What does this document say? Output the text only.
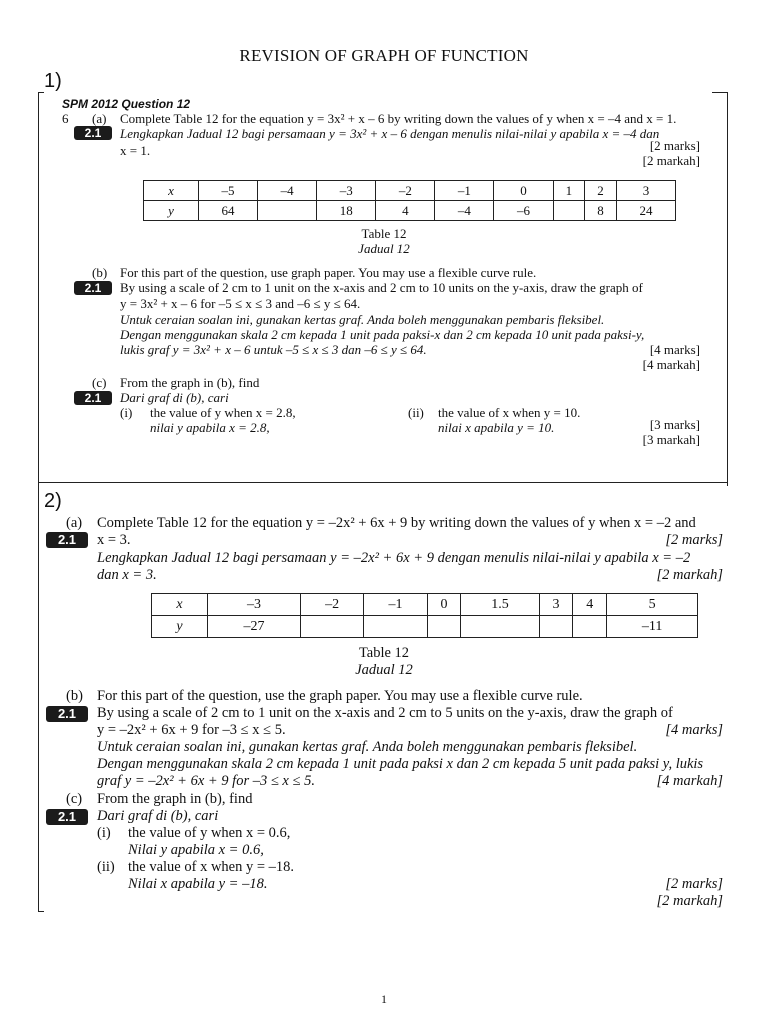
REVISION OF GRAPH OF FUNCTION
1)
SPM 2012 Question 12
6 (a) Complete Table 12 for the equation y = 3x² + x – 6 by writing down the values of y when x = –4 and x = 1.
2.1	Lengkapkan Jadual 12 bagi persamaan y = 3x² + x – 6 dengan menulis nilai-nilai y apabila x = –4 dan
x = 1.	[2 marks]
[2 markah]
x	–5	–4	–3	–2	–1	0	1	2	3
y	64		18	4	–4	–6		8	24
Table 12
Jadual 12
(b) For this part of the question, use graph paper. You may use a flexible curve rule.
2.1	By using a scale of 2 cm to 1 unit on the x-axis and 2 cm to 10 units on the y-axis, draw the graph of
y = 3x² + x – 6 for –5 ≤ x ≤ 3 and –6 ≤ y ≤ 64.
Untuk ceraian soalan ini, gunakan kertas graf. Anda boleh menggunakan pembaris fleksibel.
Dengan menggunakan skala 2 cm kepada 1 unit pada paksi-x dan 2 cm kepada 10 unit pada paksi-y,
lukis graf y = 3x² + x – 6 untuk –5 ≤ x ≤ 3 dan –6 ≤ y ≤ 64.	[4 marks]
[4 markah]
(c) From the graph in (b), find
2.1	Dari graf di (b), cari
(i) the value of y when x = 2.8,
nilai y apabila x = 2.8,
(ii) the value of x when y = 10.
nilai x apabila y = 10.	[3 marks]
[3 markah]
2)
(a) Complete Table 12 for the equation y = –2x² + 6x + 9 by writing down the values of y when x = –2 and
2.1	x = 3.	[2 marks]
Lengkapkan Jadual 12 bagi persamaan y = –2x² + 6x + 9 dengan menulis nilai-nilai y apabila x = –2
dan x = 3.	[2 markah]
x	–3	–2	–1	0	1.5	3	4	5
y	–27							–11
Table 12
Jadual 12
(b) For this part of the question, use the graph paper. You may use a flexible curve rule.
2.1	By using a scale of 2 cm to 1 unit on the x-axis and 2 cm to 5 units on the y-axis, draw the graph of
y = –2x² + 6x + 9 for –3 ≤ x ≤ 5.	[4 marks]
Untuk ceraian soalan ini, gunakan kertas graf. Anda boleh menggunakan pembaris fleksibel.
Dengan menggunakan skala 2 cm kepada 1 unit pada paksi x dan 2 cm kepada 5 unit pada paksi y, lukis
graf y = –2x² + 6x + 9 for –3 ≤ x ≤ 5.	[4 markah]
(c) From the graph in (b), find
2.1	Dari graf di (b), cari
(i) the value of y when x = 0.6,
Nilai y apabila x = 0.6,
(ii) the value of x when y = –18.
Nilai x apabila y = –18.	[2 marks]
[2 markah]
1
